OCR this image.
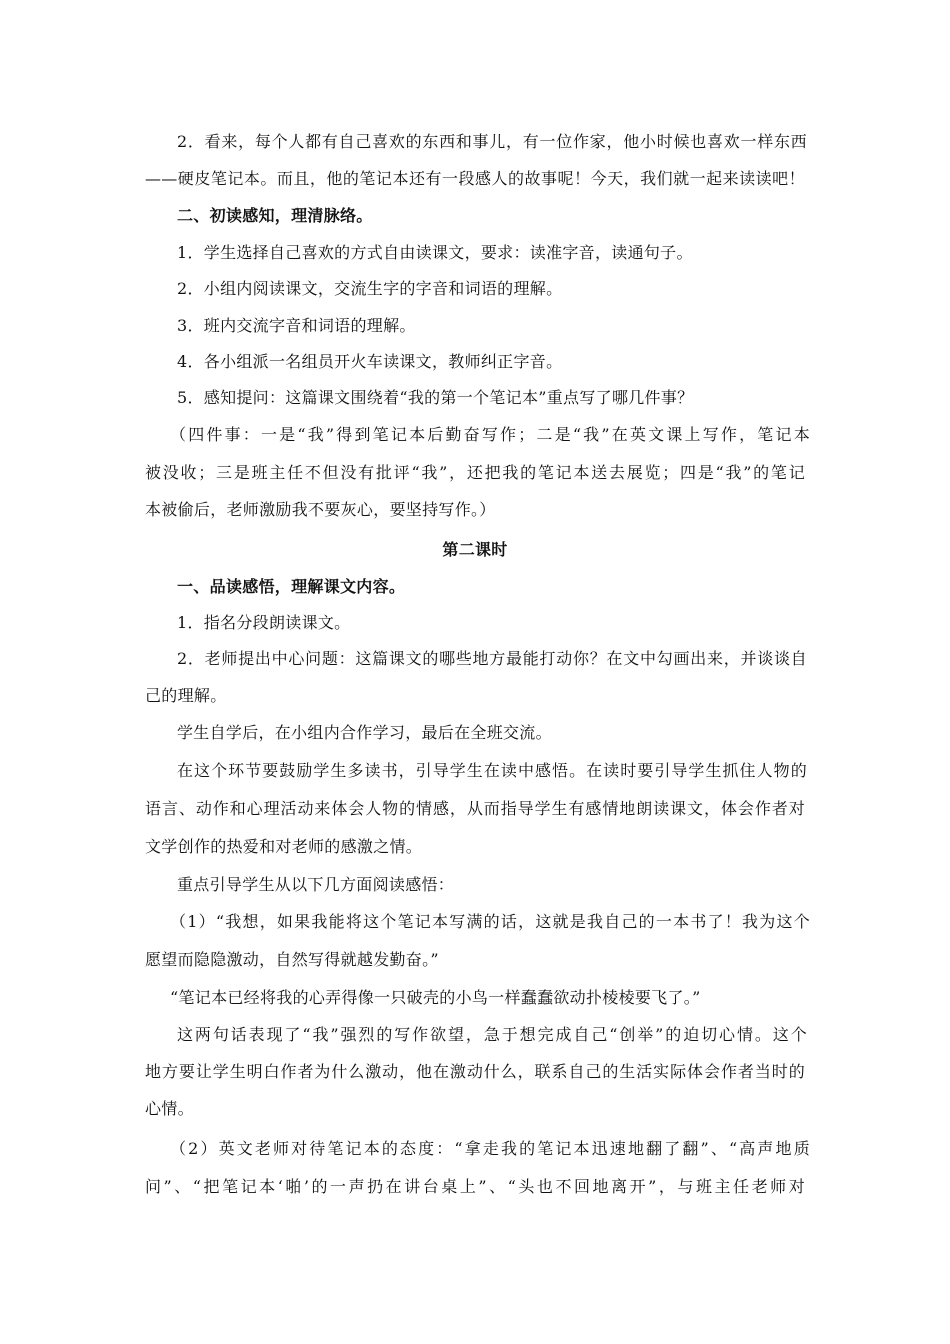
2．看来，每个人都有自己喜欢的东西和事儿，有一位作家，他小时候也喜欢一样东西
——硬皮笔记本。而且，他的笔记本还有一段感人的故事呢！今天，我们就一起来读读吧！
二、初读感知，理清脉络。
1．学生选择自己喜欢的方式自由读课文，要求：读准字音，读通句子。
2．小组内阅读课文，交流生字的字音和词语的理解。
3．班内交流字音和词语的理解。
4．各小组派一名组员开火车读课文，教师纠正字音。
5．感知提问：这篇课文围绕着“我的第一个笔记本”重点写了哪几件事？
（四件事：一是“我”得到笔记本后勤奋写作；二是“我”在英文课上写作，笔记本
被没收；三是班主任不但没有批评“我”，还把我的笔记本送去展览；四是“我”的笔记
本被偷后，老师激励我不要灰心，要坚持写作。）
第二课时
一、品读感悟，理解课文内容。
1．指名分段朗读课文。
2．老师提出中心问题：这篇课文的哪些地方最能打动你？在文中勾画出来，并谈谈自
己的理解。
学生自学后，在小组内合作学习，最后在全班交流。
在这个环节要鼓励学生多读书，引导学生在读中感悟。在读时要引导学生抓住人物的
语言、动作和心理活动来体会人物的情感，从而指导学生有感情地朗读课文，体会作者对
文学创作的热爱和对老师的感激之情。
重点引导学生从以下几方面阅读感悟：
（1）“我想，如果我能将这个笔记本写满的话，这就是我自己的一本书了！我为这个
愿望而隐隐激动，自然写得就越发勤奋。”
“笔记本已经将我的心弄得像一只破壳的小鸟一样蠢蠢欲动扑棱棱要飞了。”
这两句话表现了“我”强烈的写作欲望，急于想完成自己“创举”的迫切心情。这个
地方要让学生明白作者为什么激动，他在激动什么，联系自己的生活实际体会作者当时的
心情。
（2）英文老师对待笔记本的态度：“拿走我的笔记本迅速地翻了翻”、“高声地质
问”、“把笔记本‘啪’的一声扔在讲台桌上”、“头也不回地离开”，与班主任老师对
